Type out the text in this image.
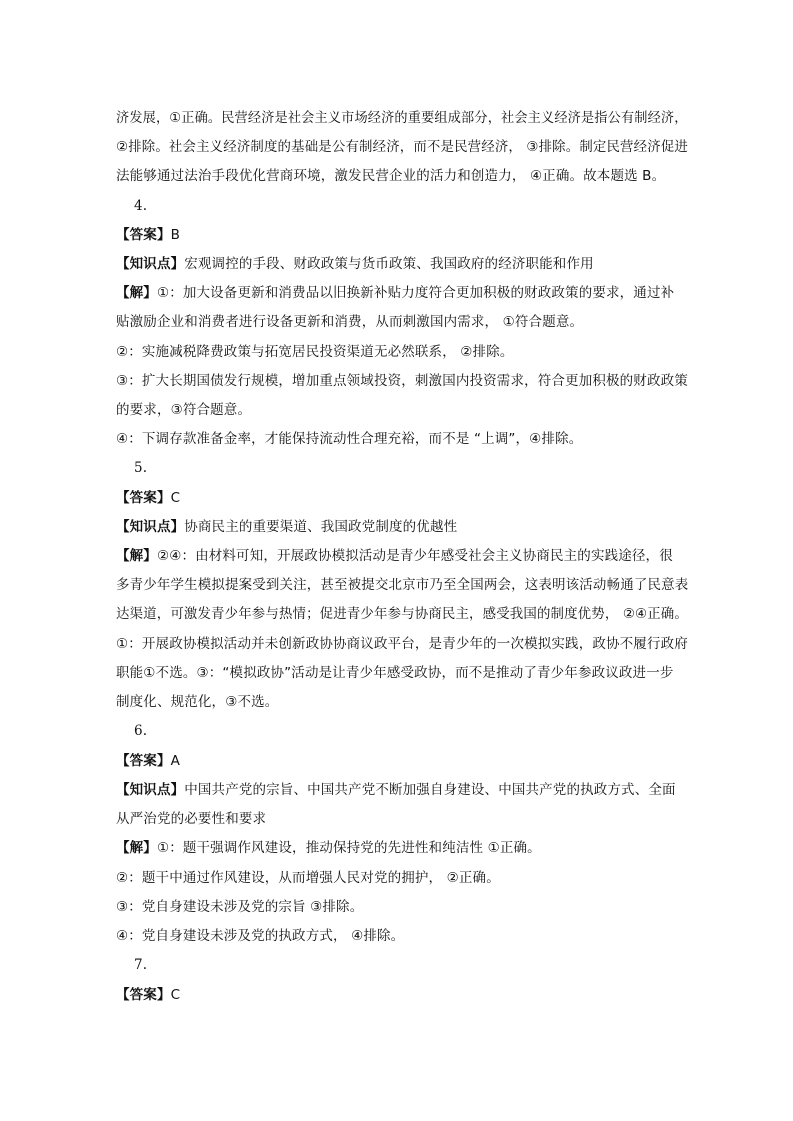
济发展，①正确。民营经济是社会主义市场经济的重要组成部分，社会主义经济是指公有制经济，
②排除。社会主义经济制度的基础是公有制经济，而不是民营经济， ③排除。制定民营经济促进
法能够通过法治手段优化营商环境，激发民营企业的活力和创造力， ④正确。故本题选 B。
4.
【答案】B
【知识点】宏观调控的手段、财政政策与货币政策、我国政府的经济职能和作用
【解】①：加大设备更新和消费品以旧换新补贴力度符合更加积极的财政政策的要求，通过补
贴激励企业和消费者进行设备更新和消费，从而刺激国内需求， ①符合题意。
②：实施减税降费政策与拓宽居民投资渠道无必然联系， ②排除。
③：扩大长期国债发行规模，增加重点领域投资，刺激国内投资需求，符合更加积极的财政政策
的要求，③符合题意。
④：下调存款准备金率，才能保持流动性合理充裕，而不是 “上调”，④排除。
5.
【答案】C
【知识点】协商民主的重要渠道、我国政党制度的优越性
【解】②④：由材料可知，开展政协模拟活动是青少年感受社会主义协商民主的实践途径，很
多青少年学生模拟提案受到关注，甚至被提交北京市乃至全国两会，这表明该活动畅通了民意表
达渠道，可激发青少年参与热情；促进青少年参与协商民主，感受我国的制度优势， ②④正确。
①：开展政协模拟活动并未创新政协协商议政平台，是青少年的一次模拟实践，政协不履行政府
职能①不选。③：“模拟政协”活动是让青少年感受政协，而不是推动了青少年参政议政进一步
制度化、规范化，③不选。
6.
【答案】A
【知识点】中国共产党的宗旨、中国共产党不断加强自身建设、中国共产党的执政方式、全面
从严治党的必要性和要求
【解】①：题干强调作风建设，推动保持党的先进性和纯洁性 ①正确。
②：题干中通过作风建设，从而增强人民对党的拥护， ②正确。
③：党自身建设未涉及党的宗旨 ③排除。
④：党自身建设未涉及党的执政方式， ④排除。
7.
【答案】C
